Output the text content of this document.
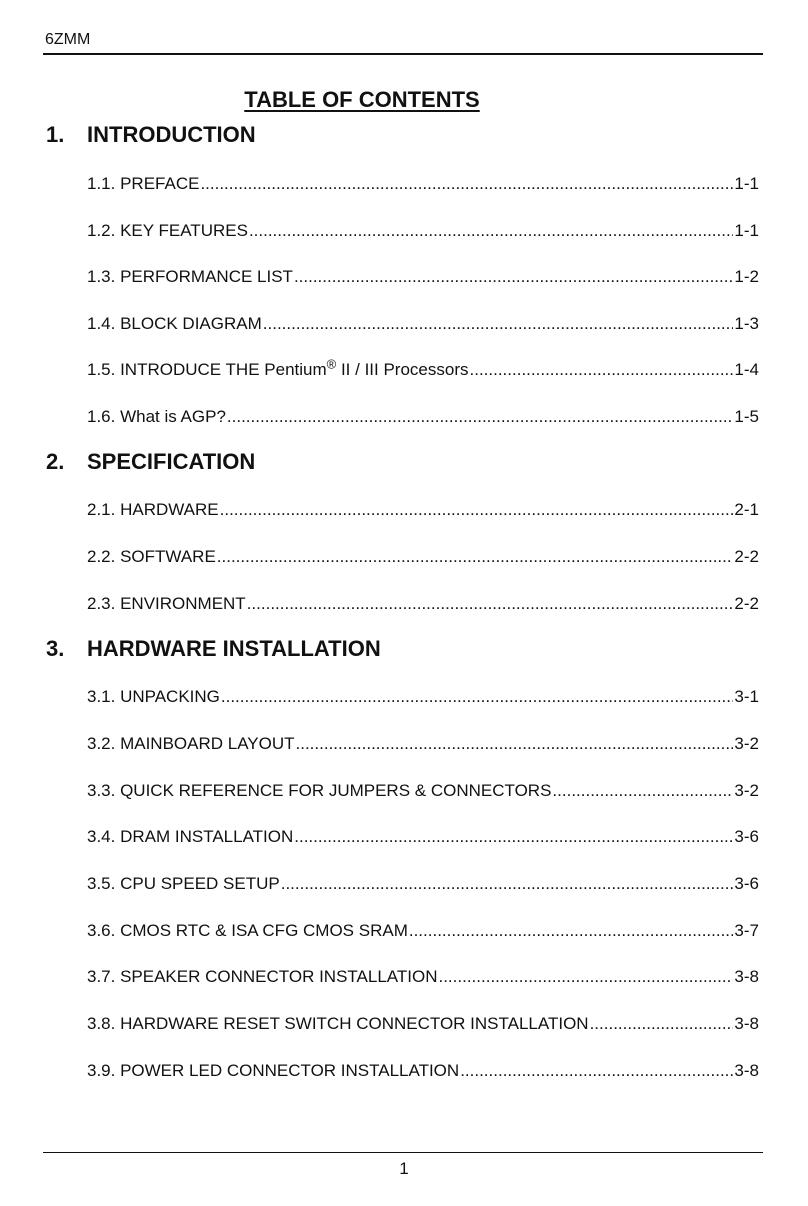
6ZMM
TABLE OF CONTENTS
1. INTRODUCTION
1.1. PREFACE .....	1-1
1.2. KEY FEATURES .....	1-1
1.3. PERFORMANCE LIST .....	1-2
1.4. BLOCK DIAGRAM .....	1-3
1.5. INTRODUCE THE Pentium® II / III Processors .....	1-4
1.6. What is AGP? .....	1-5
2. SPECIFICATION
2.1. HARDWARE .....	2-1
2.2. SOFTWARE .....	2-2
2.3. ENVIRONMENT .....	2-2
3. HARDWARE INSTALLATION
3.1. UNPACKING .....	3-1
3.2. MAINBOARD LAYOUT .....	3-2
3.3. QUICK REFERENCE FOR JUMPERS & CONNECTORS .....	3-2
3.4. DRAM INSTALLATION .....	3-6
3.5. CPU SPEED SETUP .....	3-6
3.6. CMOS RTC & ISA CFG CMOS SRAM .....	3-7
3.7. SPEAKER CONNECTOR INSTALLATION .....	3-8
3.8. HARDWARE RESET SWITCH CONNECTOR INSTALLATION .....	3-8
3.9. POWER LED CONNECTOR INSTALLATION .....	3-8
1
